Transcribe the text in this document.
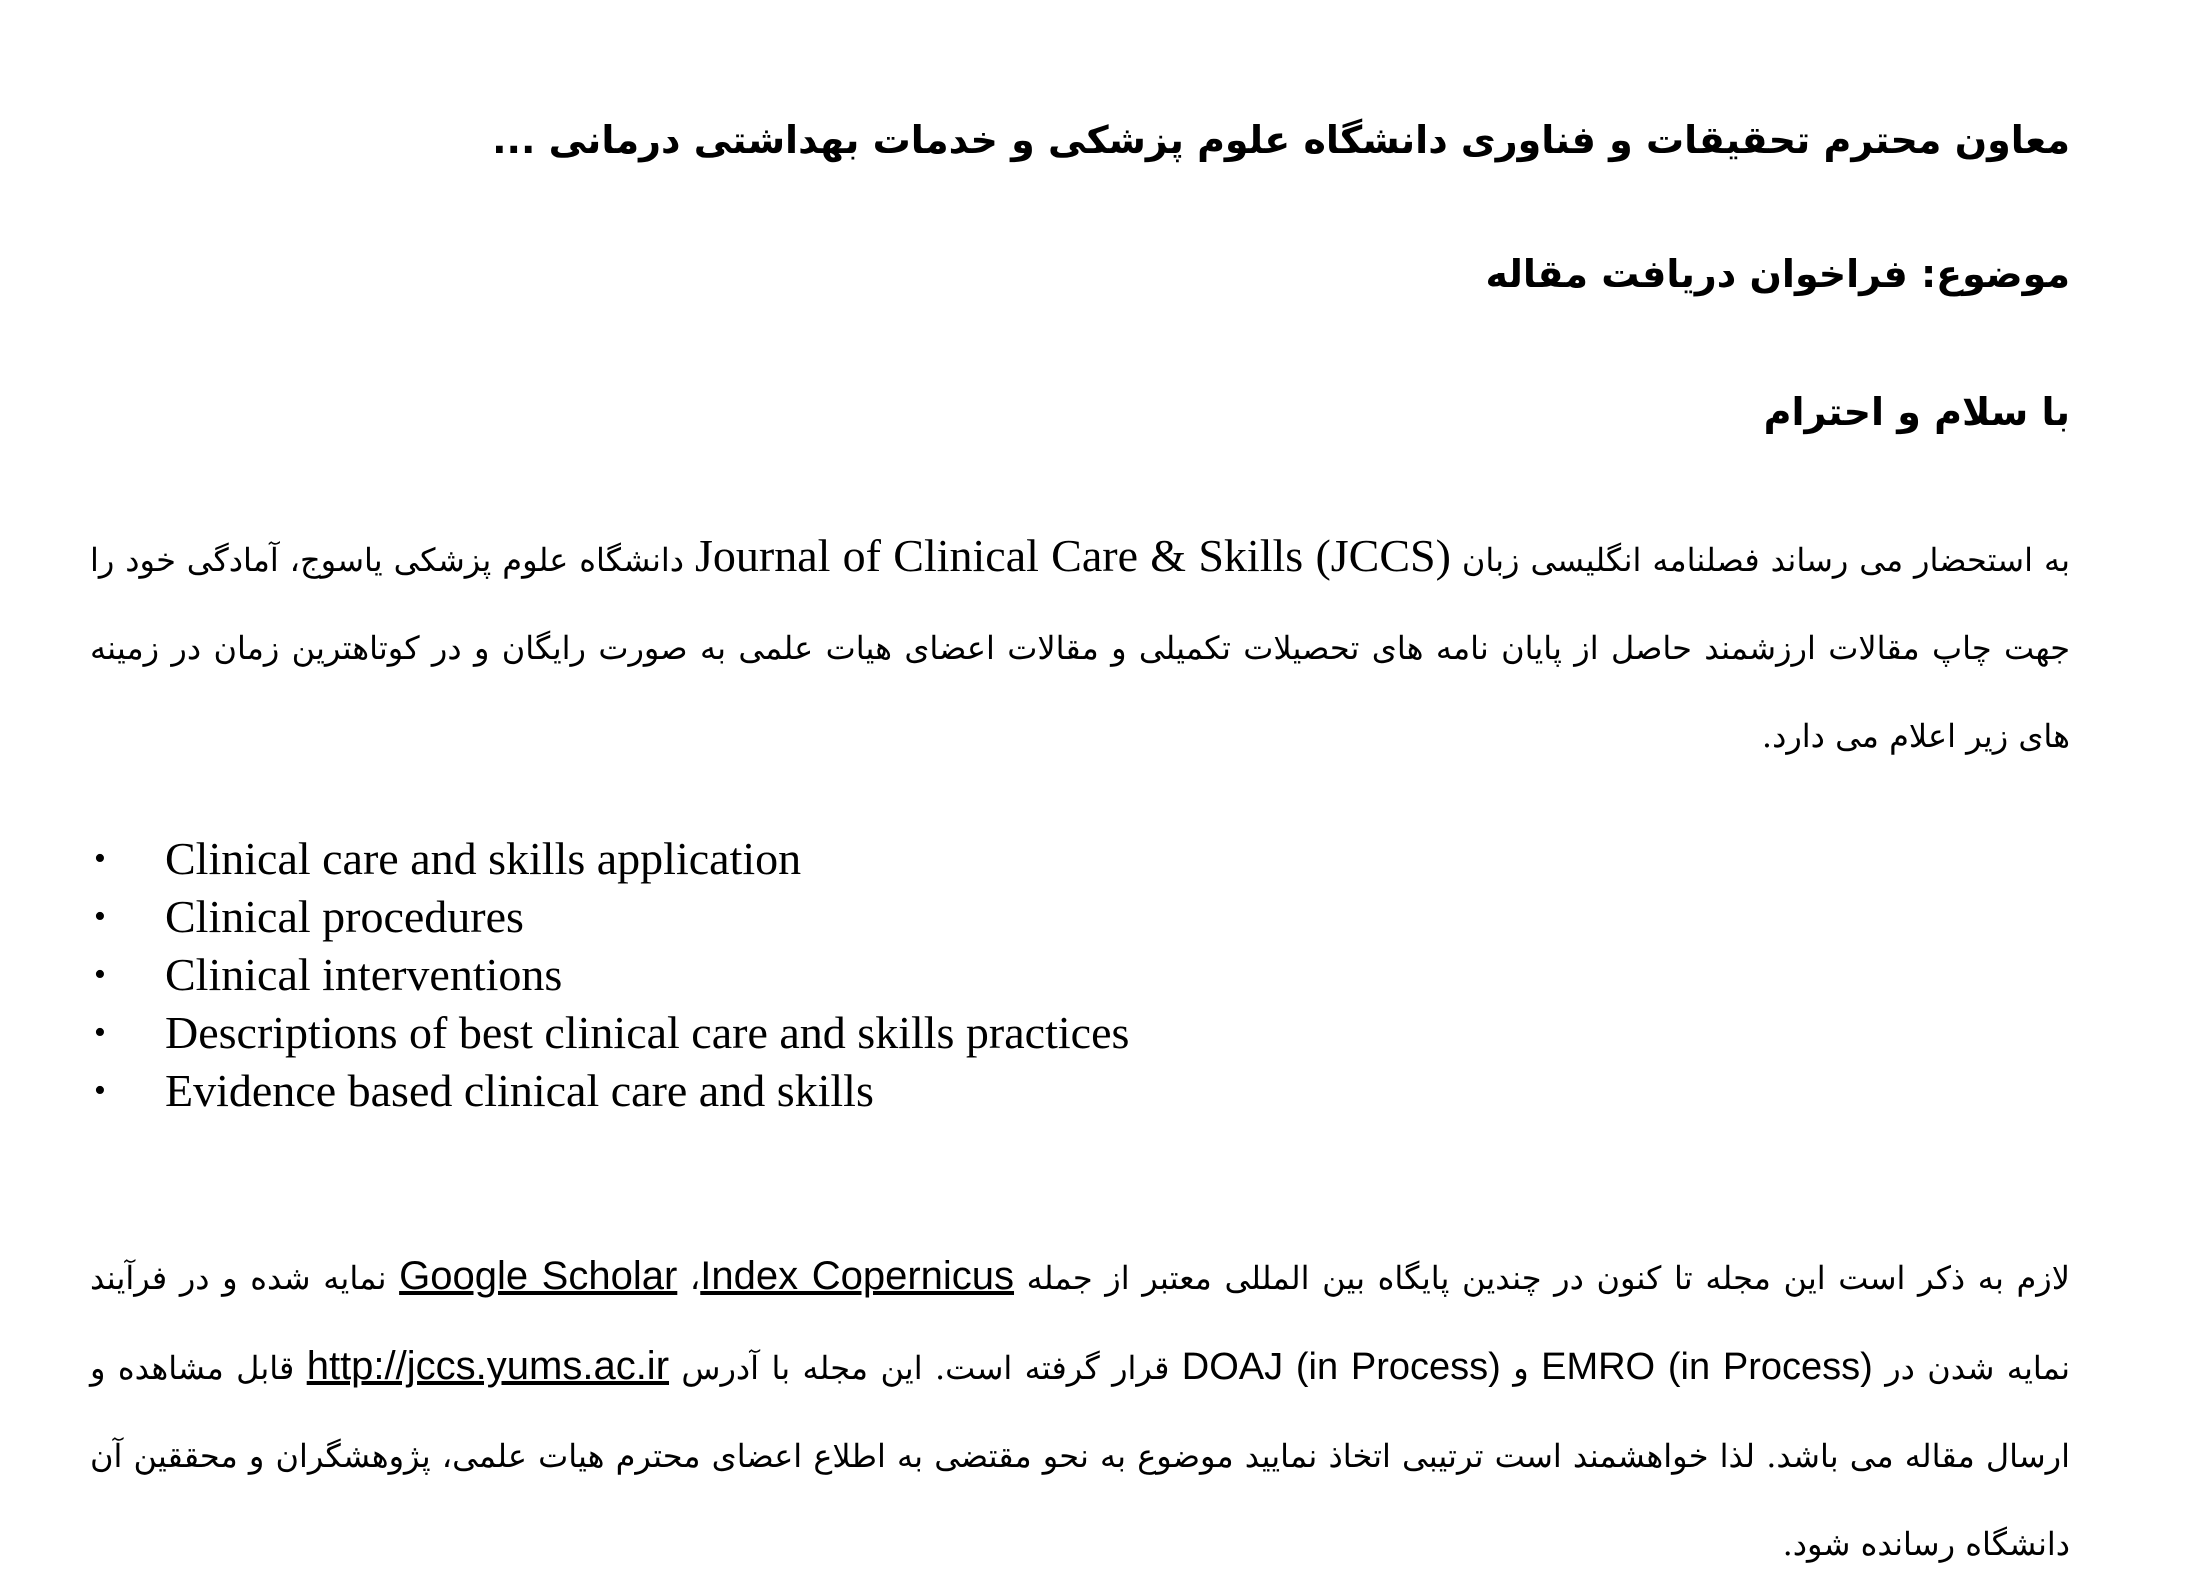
معاون محترم تحقیقات و فناوری دانشگاه علوم پزشکی و خدمات بهداشتی درمانی ...
موضوع: فراخوان دریافت مقاله
با سلام و احترام

به استحضار می رساند فصلنامه انگلیسی زبان Journal of Clinical Care & Skills (JCCS) دانشگاه علوم پزشکی یاسوج، آمادگی خود را جهت چاپ مقالات ارزشمند حاصل از پایان نامه های تحصیلات تکمیلی و مقالات اعضای هیات علمی به صورت رایگان و در کوتاهترین زمان در زمینه های زیر اعلام می دارد.

• Clinical care and skills application
• Clinical procedures
• Clinical interventions
• Descriptions of best clinical care and skills practices
• Evidence based clinical care and skills

لازم به ذکر است این مجله تا کنون در چندین پایگاه بین المللی معتبر از جمله Index Copernicus، Google Scholar نمایه شده و در فرآیند نمایه شدن در EMRO (in Process) و DOAJ (in Process) قرار گرفته است. این مجله با آدرس http://jccs.yums.ac.ir قابل مشاهده و ارسال مقاله می باشد. لذا خواهشمند است ترتیبی اتخاذ نمایید موضوع به نحو مقتضی به اطلاع اعضای محترم هیات علمی، پژوهشگران و محققین آن دانشگاه رسانده شود.
